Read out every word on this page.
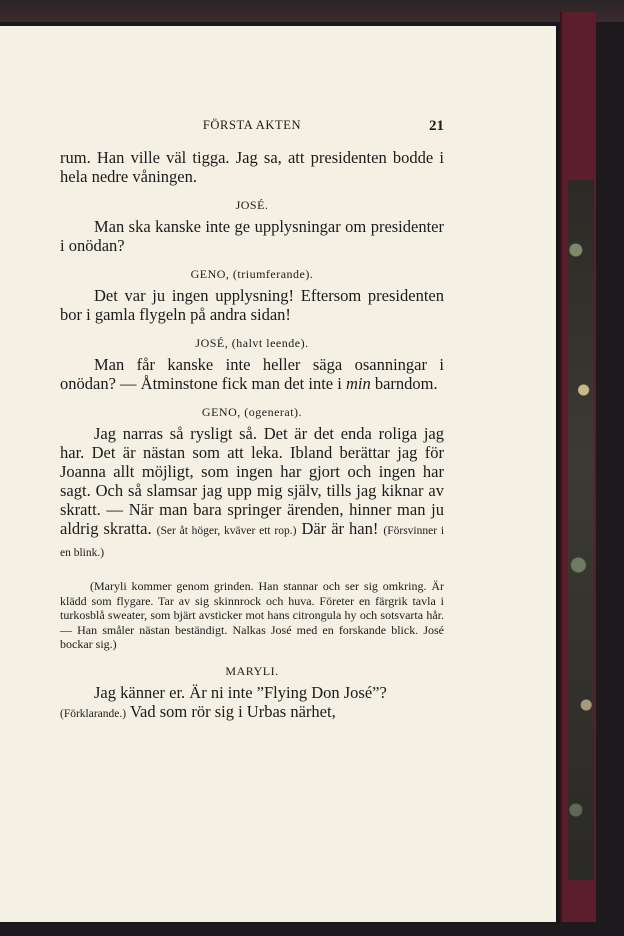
FÖRSTA AKTEN	21

rum. Han ville väl tigga. Jag sa, att presidenten bodde i hela nedre våningen.

JOSÉ.

Man ska kanske inte ge upplysningar om presidenter i onödan?

GENO, (triumferande).

Det var ju ingen upplysning! Eftersom presidenten bor i gamla flygeln på andra sidan!

JOSÉ, (halvt leende).

Man får kanske inte heller säga osanningar i onödan? — Åtminstone fick man det inte i min barndom.

GENO, (ogenerat).

Jag narras så rysligt så. Det är det enda roliga jag har. Det är nästan som att leka. Ibland berättar jag för Joanna allt möjligt, som ingen har gjort och ingen har sagt. Och så slamsar jag upp mig själv, tills jag kiknar av skratt. — När man bara springer ärenden, hinner man ju aldrig skratta. (Ser åt höger, kväver ett rop.) Där är han! (Försvinner i en blink.)

(Maryli kommer genom grinden. Han stannar och ser sig omkring. Är klädd som flygare. Tar av sig skinnrock och huva. Företer en färgrik tavla i turkosblå sweater, som bjärt avsticker mot hans citrongula hy och sotsvarta hår. — Han småler nästan beständigt. Nalkas José med en forskande blick. José bockar sig.)

MARYLI.

Jag känner er. Är ni inte ”Flying Don José”?

(Förklarande.) Vad som rör sig i Urbas närhet,
